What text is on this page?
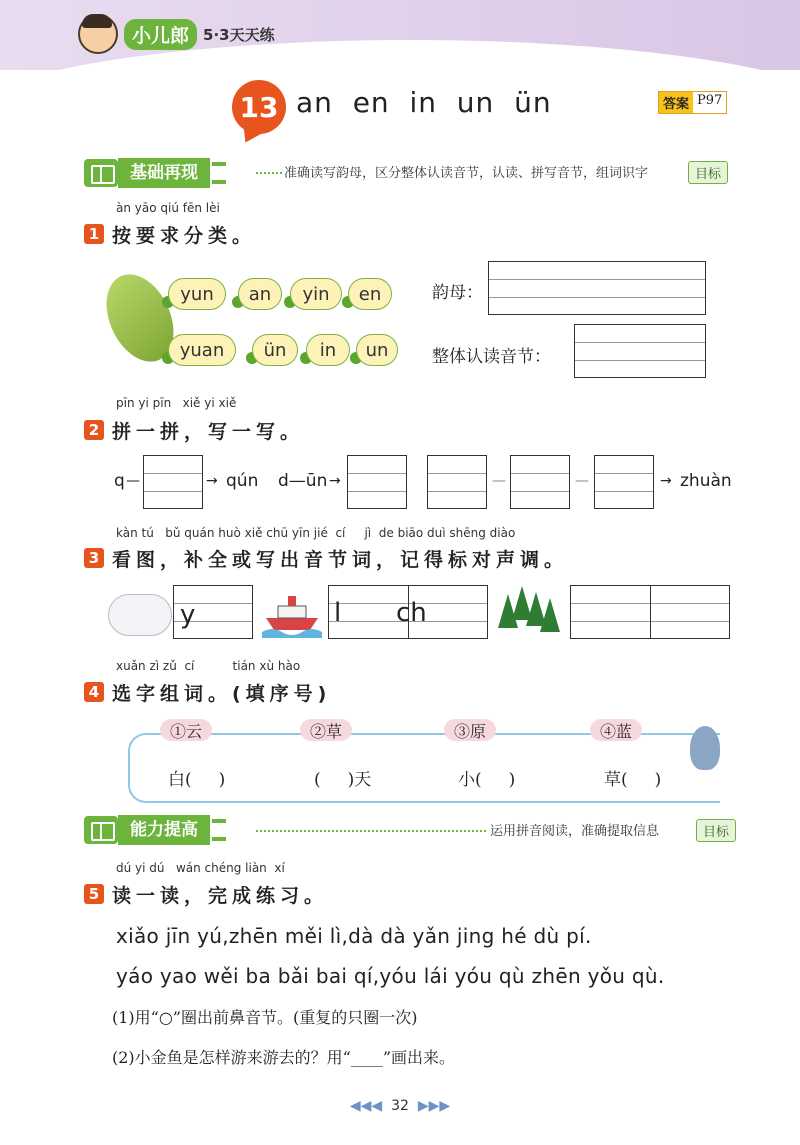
小儿郎 5·3天天练
13 an  en  in  un  ün	答案 P97
基础再现	准确读写韵母，区分整体认读音节，认读、拼写音节，组词识字	目标
àn yāo qiú fēn lèi
1 按要求分类。
yun	an	yin	en
yuan	ün	in	un
韵母：
整体认读音节：
pīn yi pīn   xiě yi xiě
2 拼一拼，写一写。
q —	→ qún d—ūn →	—	—	→ zhuàn
kàn tú   bǔ quán huò xiě chū yīn jié  cí     jì  de biāo duì shēng diào
3 看图，补全或写出音节词，记得标对声调。
y	l ch
xuǎn zì zǔ  cí          tián xù hào
4 选字组词。(填序号)
①云	②草	③原	④蓝
白(     )	(     )天	小(     )	草(     )
能力提高	运用拼音阅读，准确提取信息	目标
dú yi dú   wán chéng liàn  xí
5 读一读，完成练习。
xiǎo jīn yú,zhēn měi lì,dà dà yǎn jing hé dù pí.
yáo yao wěi ba bǎi bai qí,yóu lái yóu qù zhēn yǒu qù.
(1)用“○”圈出前鼻音节。(重复的只圈一次)
(2)小金鱼是怎样游来游去的？用“____”画出来。
◀◀◀ 32 ▶▶▶
